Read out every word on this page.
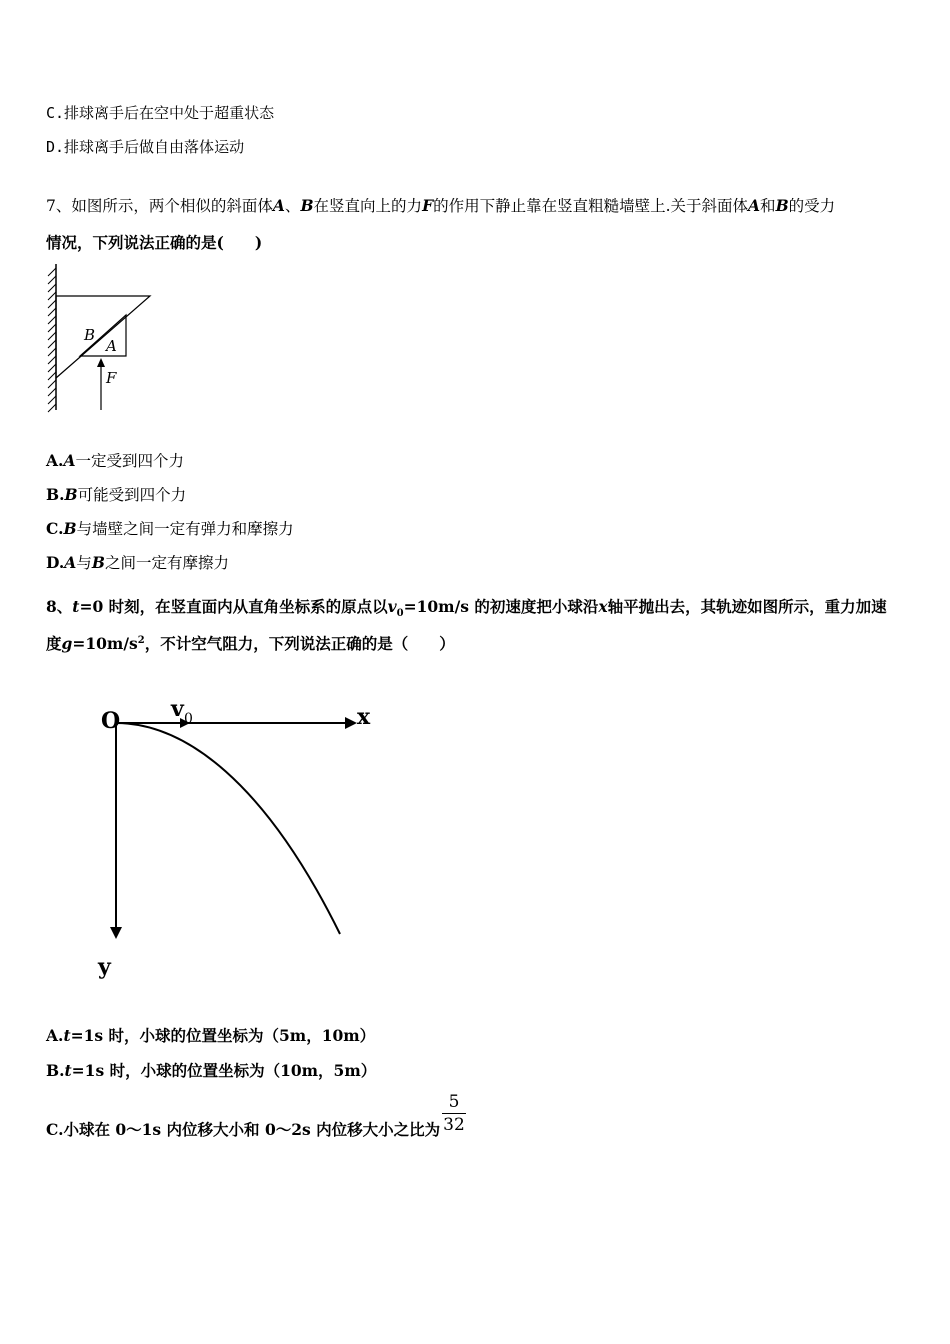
C.排球离手后在空中处于超重状态
D.排球离手后做自由落体运动
7、如图所示，两个相似的斜面体A、B在竖直向上的力F的作用下静止靠在竖直粗糙墙壁上.关于斜面体A和B的受力
情况，下列说法正确的是(　　)
B
A
F
A.A一定受到四个力
B.B可能受到四个力
C.B与墙壁之间一定有弹力和摩擦力
D.A与B之间一定有摩擦力
8、t=0 时刻，在竖直面内从直角坐标系的原点以$v_0=10m/s$ 的初速度把小球沿x轴平抛出去，其轨迹如图所示，重力加速
度$g=10m/s^2$，不计空气阻力，下列说法正确的是（　　）
O v 0	x
y
A.t=1s 时，小球的位置坐标为（5m，10m）
B.t=1s 时，小球的位置坐标为（10m，5m）
C.小球在 0～1s 内位移大小和 0～2s 内位移大小之比为
5
32
